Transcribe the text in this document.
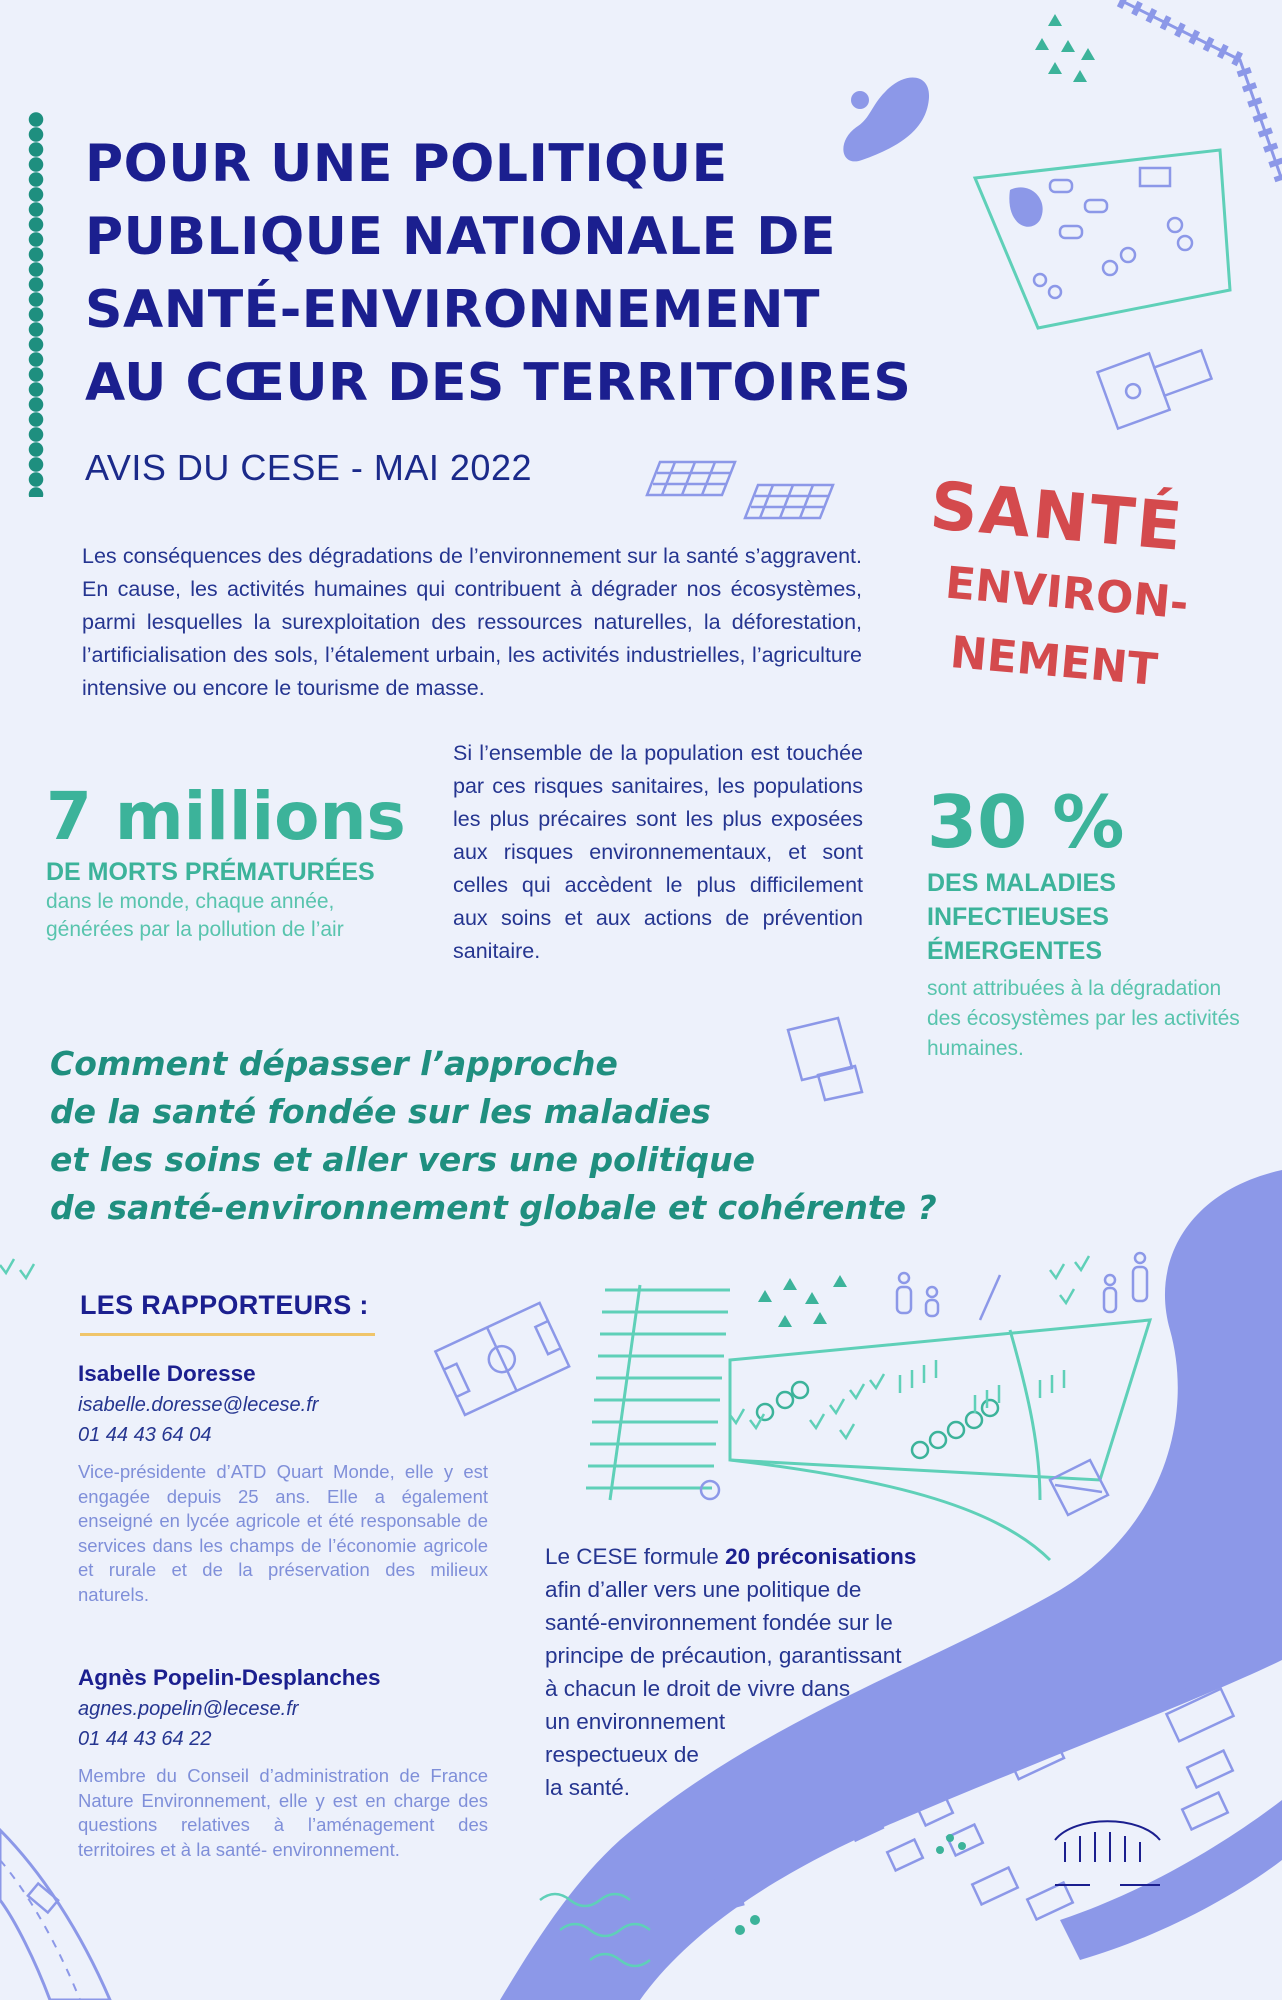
POUR UNE POLITIQUE
PUBLIQUE NATIONALE DE
SANTÉ-ENVIRONNEMENT
AU CŒUR DES TERRITOIRES
AVIS DU CESE - MAI 2022	SANTÉ
ENVIRON-
NEMENT

Les conséquences des dégradations de l’environnement sur la santé s’aggravent. En cause, les activités humaines qui contribuent à dégrader nos écosystèmes, parmi lesquelles la surexploitation des ressources naturelles, la déforestation, l’artificialisation des sols, l’étalement urbain, les activités industrielles, l’agriculture intensive ou encore le tourisme de masse.

7 millions
DE MORTS PRÉMATURÉES
dans le monde, chaque année, générées par la pollution de l’air

Si l’ensemble de la population est touchée par ces risques sanitaires, les populations les plus précaires sont les plus exposées aux risques environnementaux, et sont celles qui accèdent le plus difficilement aux soins et aux actions de prévention sanitaire.

30 %
DES MALADIES
INFECTIEUSES
ÉMERGENTES
sont attribuées à la dégradation des écosystèmes par les activités humaines.
Comment dépasser l’approche
de la santé fondée sur les maladies
et les soins et aller vers une politique
de santé-environnement globale et cohérente ?
LES RAPPORTEURS :
Isabelle Doresse
isabelle.doresse@lecese.fr
01 44 43 64 04
Vice-présidente d’ATD Quart Monde, elle y est engagée depuis 25 ans. Elle a également enseigné en lycée agricole et été responsable de services dans les champs de l’économie agricole et rurale et de la préservation des milieux naturels.
Agnès Popelin-Desplanches
agnes.popelin@lecese.fr
01 44 43 64 22
Membre du Conseil d’administration de France Nature Environnement, elle y est en charge des questions relatives à l’aménagement des territoires et à la santé- environnement.
Le CESE formule 20 préconisations
afin d’aller vers une politique de
santé-environnement fondée sur le
principe de précaution, garantissant
à chacun le droit de vivre dans
un environnement
respectueux de
la santé.
